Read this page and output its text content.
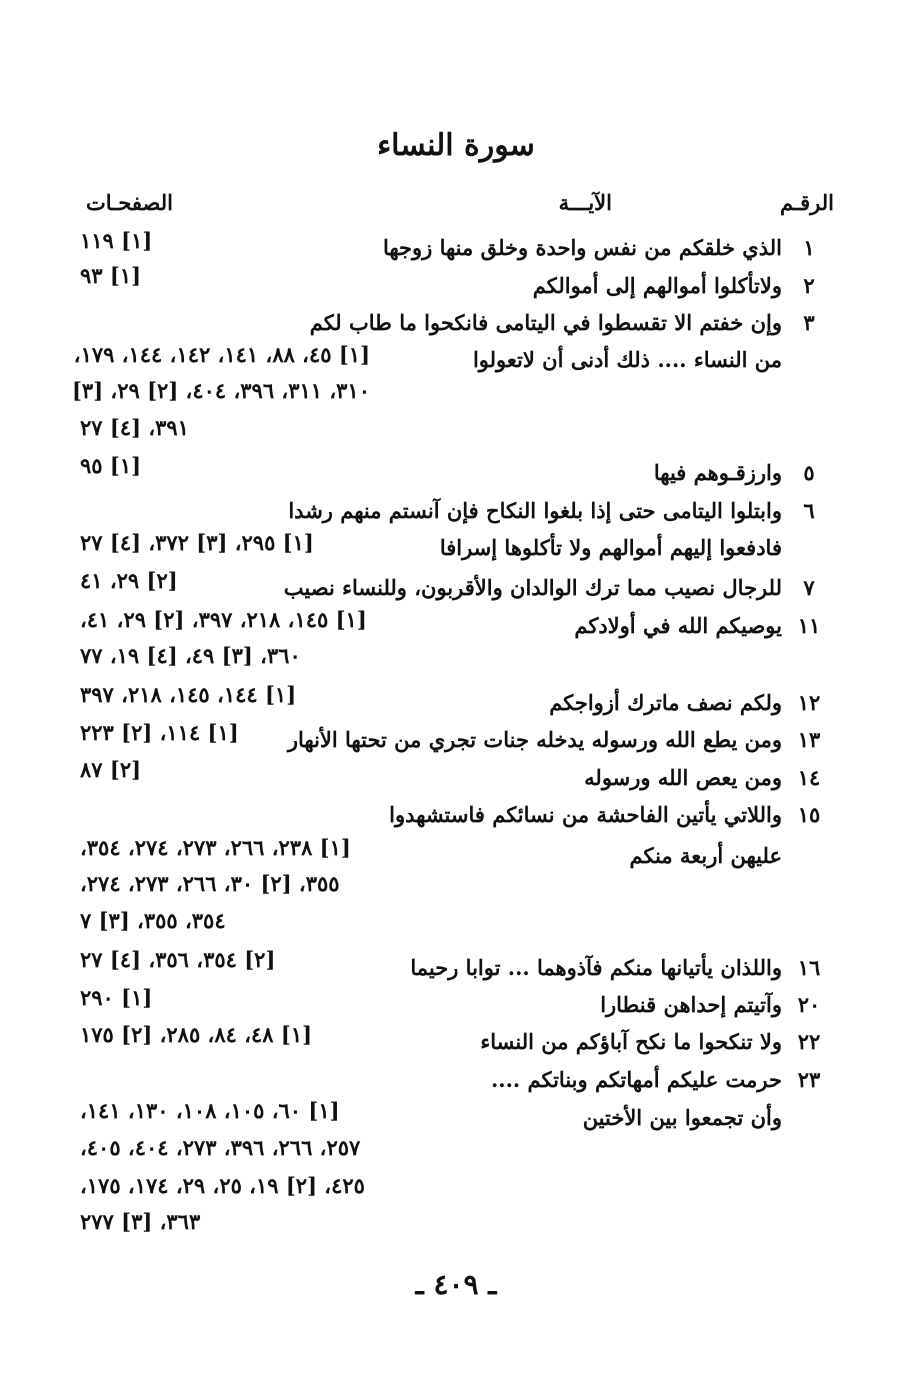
سورة النساء
الرقـم
الآيـــة
الصفحـات
١
٢
٣
٥
٦
٧
١١
١٢
١٣
١٤
١٥
١٦
٢٠
٢٢
٢٣
الذي خلقكم من نفس واحدة وخلق منها زوجها
ولاتأكلوا أموالهم إلى أموالكم
وإن خفتم الا تقسطوا في اليتامى فانكحوا ما طاب لكم
من النساء .... ذلك أدنى أن لاتعولوا
وارزقـوهم فيها
وابتلوا اليتامى حتى إذا بلغوا النكاح فإن آنستم منهم رشدا
فادفعوا إليهم أموالهم ولا تأكلوها إسرافا
للرجال نصيب مما ترك الوالدان والأقربون، وللنساء نصيب
يوصيكم الله في أولادكم
ولكم نصف ماترك أزواجكم
ومن يطع الله ورسوله يدخله جنات تجري من تحتها الأنهار
ومن يعص الله ورسوله
واللاتي يأتين الفاحشة من نسائكم فاستشهدوا
عليهن أربعة منكم
واللذان يأتيانها منكم فآذوهما ... توابا رحيما
وآتيتم إحداهن قنطارا
ولا تنكحوا ما نكح آباؤكم من النساء
حرمت عليكم أمهاتكم وبناتكم ....
وأن تجمعوا بين الأختين
[١] ١١٩
[١] ٩٣
[١] ٤٥، ٨٨، ١٤١، ١٤٢، ١٤٤، ١٧٩،
٣١٠، ٣١١، ٣٩٦، ٤٠٤، [٢] ٢٩، [٣]
٣٩١، [٤] ٢٧
[١] ٩٥
[١] ٢٩٥، [٣] ٣٧٢، [٤] ٢٧
[٢] ٢٩، ٤١
[١] ١٤٥، ٢١٨، ٣٩٧، [٢] ٢٩، ٤١،
٣٦٠، [٣] ٤٩، [٤] ١٩، ٧٧
[١] ١٤٤، ١٤٥، ٢١٨، ٣٩٧
[١] ١١٤، [٢] ٢٢٣
[٢] ٨٧
[١] ٢٣٨، ٢٦٦، ٢٧٣، ٢٧٤، ٣٥٤،
٣٥٥، [٢] ٣٠، ٢٦٦، ٢٧٣، ٢٧٤،
٣٥٤، ٣٥٥، [٣] ٧
[٢] ٣٥٤، ٣٥٦، [٤] ٢٧
[١] ٢٩٠
[١] ٤٨، ٨٤، ٢٨٥، [٢] ١٧٥
[١] ٦٠، ١٠٥، ١٠٨، ١٣٠، ١٤١،
٢٥٧، ٢٦٦، ٣٩٦، ٢٧٣، ٤٠٤، ٤٠٥،
٤٢٥، [٢] ١٩، ٢٥، ٢٩، ١٧٤، ١٧٥،
٣٦٣، [٣] ٢٧٧
ـ ٤٠٩ ـ
